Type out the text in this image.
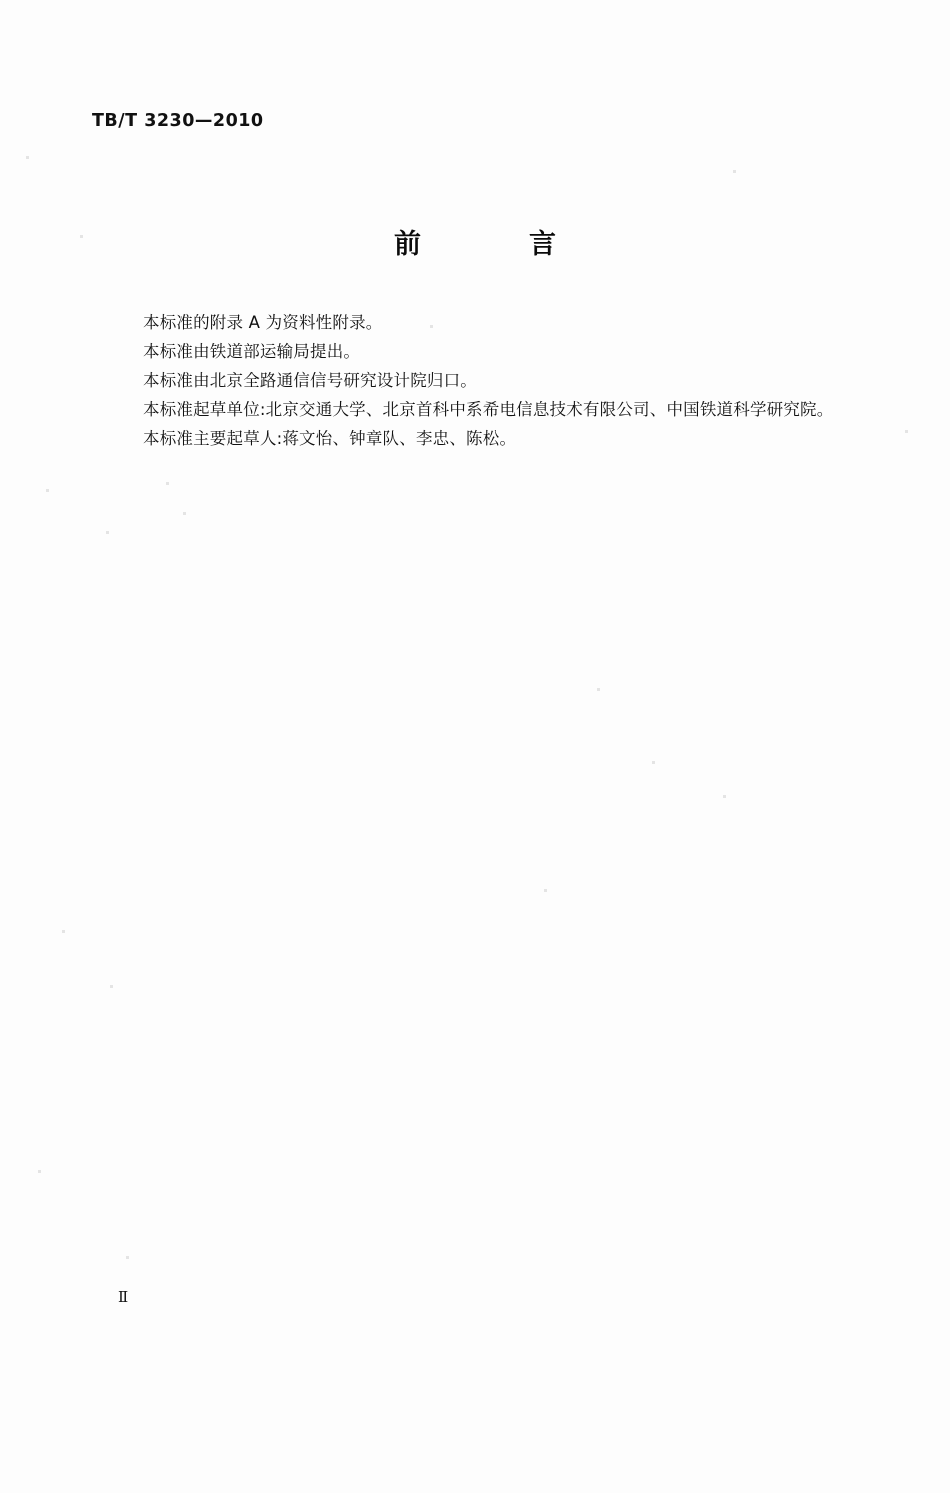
TB/T 3230—2010
前　　言
本标准的附录 A 为资料性附录。
本标准由铁道部运输局提出。
本标准由北京全路通信信号研究设计院归口。
本标准起草单位:北京交通大学、北京首科中系希电信息技术有限公司、中国铁道科学研究院。
本标准主要起草人:蒋文怡、钟章队、李忠、陈松。
Ⅱ
